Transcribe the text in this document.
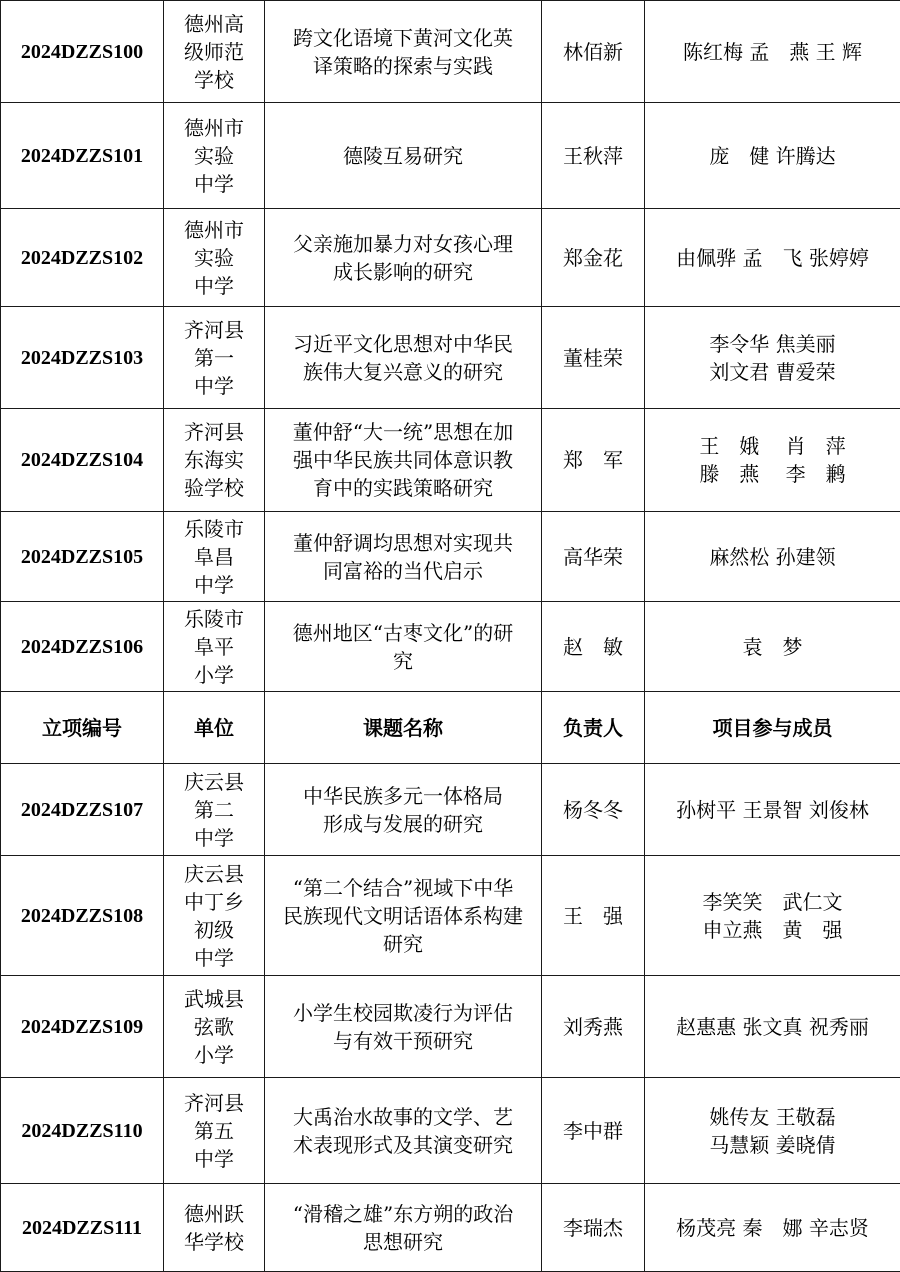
2024DZZS100	德州高
级师范
学校	跨文化语境下黄河文化英
译策略的探索与实践	林佰新	陈红梅 孟　燕 王 辉
2024DZZS101	德州市
实验
中学	德陵互易研究	王秋萍	庞　健 许腾达
2024DZZS102	德州市
实验
中学	父亲施加暴力对女孩心理
成长影响的研究	郑金花	由佩骅 孟　飞 张婷婷
2024DZZS103	齐河县
第一
中学	习近平文化思想对中华民
族伟大复兴意义的研究	董桂荣	李令华 焦美丽
刘文君 曹爱荣
2024DZZS104	齐河县
东海实
验学校	董仲舒“大一统”思想在加
强中华民族共同体意识教
育中的实践策略研究	郑　军	王　娥　 肖　萍
滕　燕　 李　鹣
2024DZZS105	乐陵市
阜昌
中学	董仲舒调均思想对实现共
同富裕的当代启示	高华荣	麻然松 孙建领
2024DZZS106	乐陵市
阜平
小学	德州地区“古枣文化”的研
究	赵　敏	袁　梦
立项编号	单位	课题名称	负责人	项目参与成员
2024DZZS107	庆云县
第二
中学	中华民族多元一体格局
形成与发展的研究	杨冬冬	孙树平 王景智 刘俊林
2024DZZS108	庆云县
中丁乡
初级
中学	“第二个结合”视域下中华
民族现代文明话语体系构建
研究	王　强	李笑笑　武仁文
申立燕　黄　强
2024DZZS109	武城县
弦歌
小学	小学生校园欺凌行为评估
与有效干预研究	刘秀燕	赵惠惠 张文真 祝秀丽
2024DZZS110	齐河县
第五
中学	大禹治水故事的文学、艺
术表现形式及其演变研究	李中群	姚传友 王敬磊
马慧颖 姜晓倩
2024DZZS111	德州跃
华学校	“滑稽之雄”东方朔的政治
思想研究	李瑞杰	杨茂亮 秦　娜 辛志贤
